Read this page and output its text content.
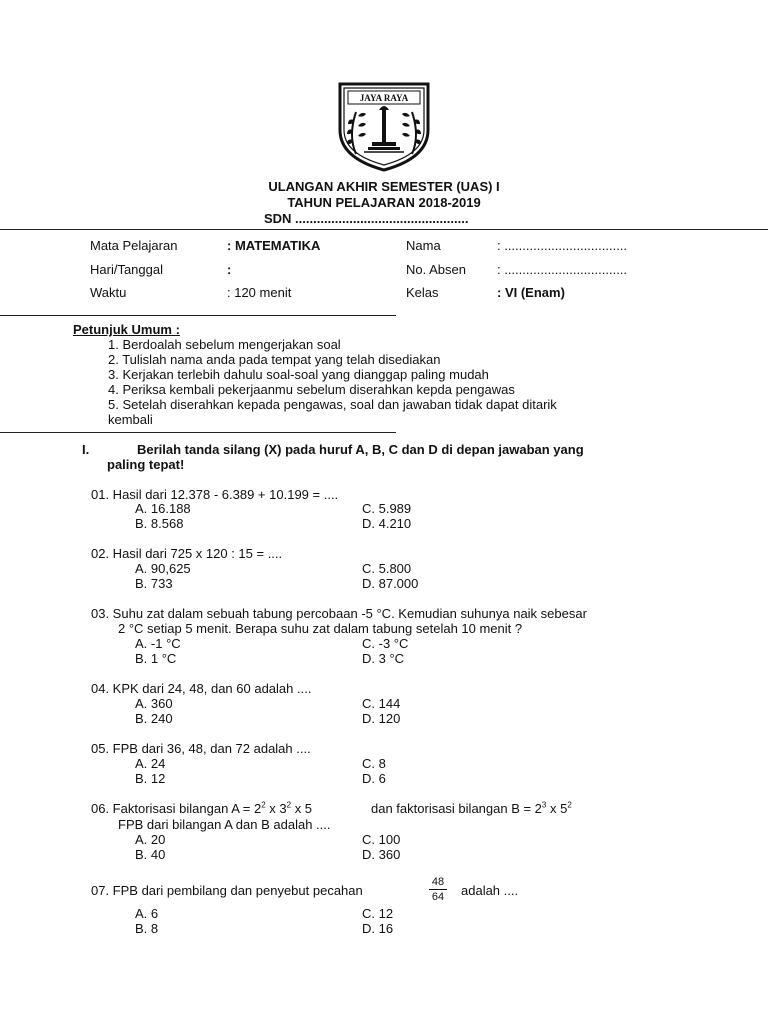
JAYA RAYA
ULANGAN AKHIR SEMESTER (UAS) I
TAHUN PELAJARAN 2018-2019
SDN ................................................
Mata Pelajaran	: MATEMATIKA	Nama	: ..................................
Hari/Tanggal	:	No. Absen : ..................................
Waktu	: 120 menit	Kelas	: VI (Enam)
Petunjuk Umum :
1. Berdoalah sebelum mengerjakan soal
2. Tulislah nama anda pada tempat yang telah disediakan
3. Kerjakan terlebih dahulu soal-soal yang dianggap paling mudah
4. Periksa kembali pekerjaanmu sebelum diserahkan kepda pengawas
5. Setelah diserahkan kepada pengawas, soal dan jawaban tidak dapat ditarik
kembali
I.	Berilah tanda silang (X) pada huruf A, B, C dan D di depan jawaban yang
paling tepat!
01. Hasil dari 12.378 - 6.389 + 10.199 = ....
A. 16.188	C. 5.989
B. 8.568	D. 4.210
02. Hasil dari 725 x 120 : 15 = ....
A. 90,625	C. 5.800
B. 733	D. 87.000
03. Suhu zat dalam sebuah tabung percobaan -5 °C. Kemudian suhunya naik sebesar
2 °C setiap 5 menit. Berapa suhu zat dalam tabung setelah 10 menit ?
A. -1 °C	C. -3 °C
B. 1 °C	D. 3 °C
04. KPK dari 24, 48, dan 60 adalah ....
A. 360	C. 144
B. 240	D. 120
05. FPB dari 36, 48, dan 72 adalah ....
A. 24	C. 8
B. 12	D. 6
06. Faktorisasi bilangan $A = 2^2$ x $3^2$ x 5	dan faktorisasi bilangan $B = 2^3$ x $5^2$
FPB dari bilangan A dan B adalah ....
A. 20	C. 100
B. 40	D. 360
07. FPB dari pembilang dan penyebut pecahan
48
64	adalah ....
A. 6	C. 12
B. 8	D. 16
